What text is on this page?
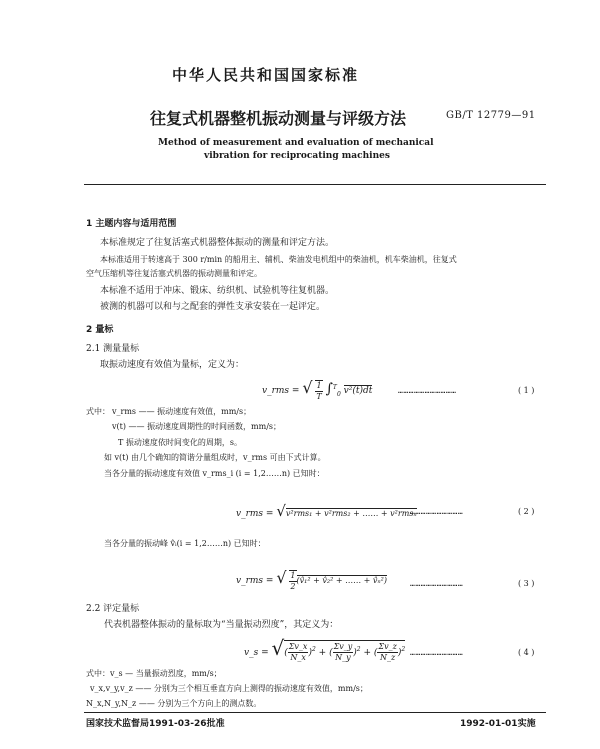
中华人民共和国国家标准
往复式机器整机振动测量与评级方法	GB/T 12779—91
Method of measurement and evaluation of mechanical
vibration for reciprocating machines
1 主题内容与适用范围
本标准规定了往复活塞式机器整体振动的测量和评定方法。
本标准适用于转速高于 300 r/min 的船用主、辅机、柴油发电机组中的柴油机，机车柴油机，往复式
空气压缩机等往复活塞式机器的振动测量和评定。
本标准不适用于冲床、锻床、纺织机、试验机等往复机器。
被测的机器可以和与之配套的弹性支承安装在一起评定。
2 量标
2.1 测量量标
取振动速度有效值为量标，定义为：
v_rms = √ $\frac{1}{T} \int^T_0$ v²(t)dt	……………………………	( 1 )
式中： v_rms —— 振动速度有效值，mm/s；
v(t) —— 振动速度周期性的时间函数，mm/s；
T 振动速度依时间变化的周期，s。
如 v(t) 由几个确知的简谐分量组成时，v_rms 可由下式计算。
当各分量的振动速度有效值 v_rms_i (i = 1,2……n) 已知时：
v_rms = √v²rms₁ + v²rms₂ + …… + v²rmsₙ
…………………………	( 2 )
当各分量的振动峰 v̂ᵢ(i = 1,2……n) 已知时：
v_rms = √ $\frac{1}{2}$ (v̂₁² + v̂₂² + …… + v̂ₙ²)	…………………………	( 3 )
2.2 评定量标
代表机器整体振动的量标取为“当量振动烈度”，其定义为：
v_s = √( $\frac{\Sigma v\_x}{N\_x} )^2$ + ( $\frac{\Sigma v\_y}{N\_y} )^2$ + ( $\frac{\Sigma v\_z}{N\_z} )^2$ …………………………	( 4 )
式中：v_s — 当量振动烈度，mm/s；
v_x,v_y,v_z —— 分别为三个相互垂直方向上测得的振动速度有效值，mm/s；
N_x,N_y,N_z —— 分别为三个方向上的测点数。
国家技术监督局1991-03-26批准	1992-01-01实施
